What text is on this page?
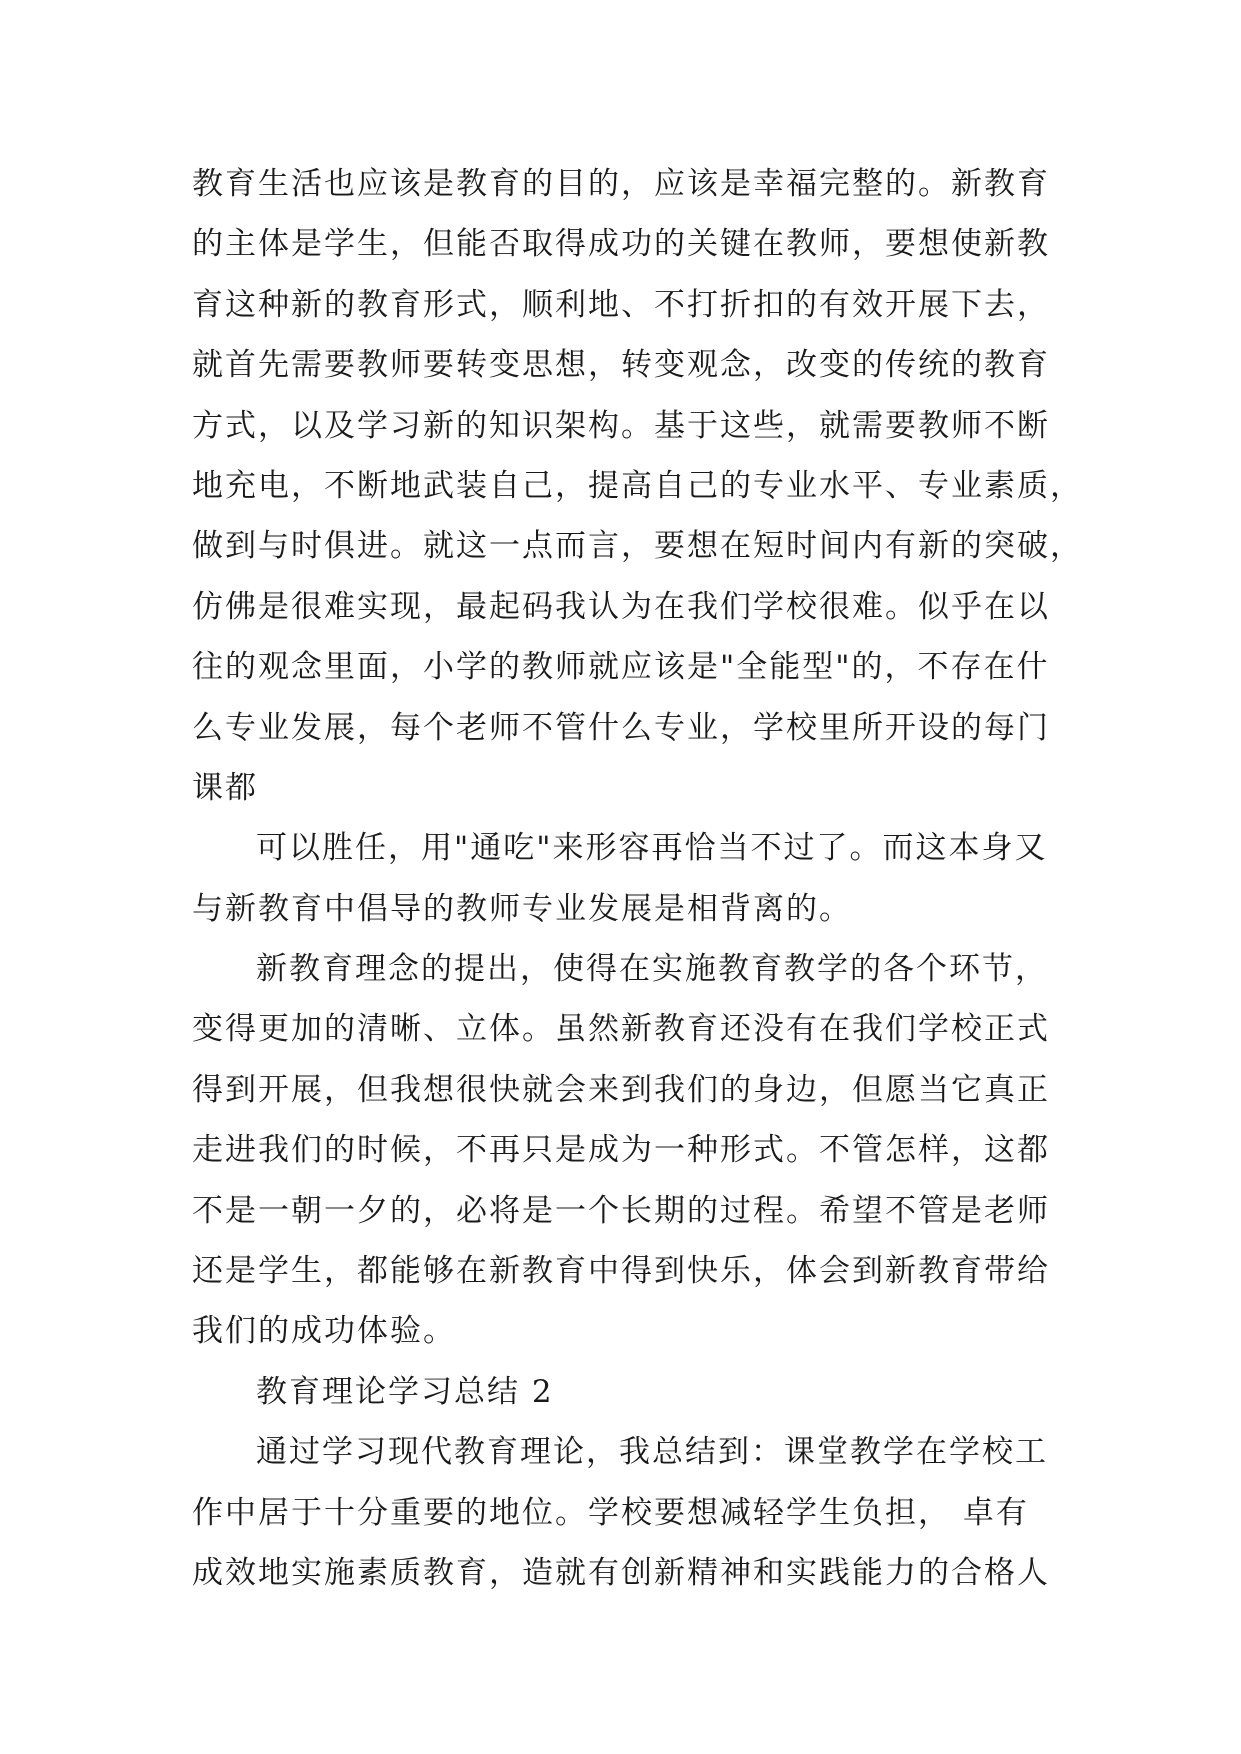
教育生活也应该是教育的目的，应该是幸福完整的。新教育
的主体是学生，但能否取得成功的关键在教师，要想使新教
育这种新的教育形式，顺利地、不打折扣的有效开展下去，
就首先需要教师要转变思想，转变观念，改变的传统的教育
方式，以及学习新的知识架构。基于这些，就需要教师不断
地充电，不断地武装自己，提高自己的专业水平、专业素质，
做到与时俱进。就这一点而言，要想在短时间内有新的突破，
仿佛是很难实现，最起码我认为在我们学校很难。似乎在以
往的观念里面，小学的教师就应该是"全能型"的，不存在什
么专业发展，每个老师不管什么专业，学校里所开设的每门
课都
可以胜任，用"通吃"来形容再恰当不过了。而这本身又
与新教育中倡导的教师专业发展是相背离的。
新教育理念的提出，使得在实施教育教学的各个环节，
变得更加的清晰、立体。虽然新教育还没有在我们学校正式
得到开展，但我想很快就会来到我们的身边，但愿当它真正
走进我们的时候，不再只是成为一种形式。不管怎样，这都
不是一朝一夕的，必将是一个长期的过程。希望不管是老师
还是学生，都能够在新教育中得到快乐，体会到新教育带给
我们的成功体验。
教育理论学习总结 2
通过学习现代教育理论，我总结到：课堂教学在学校工
作中居于十分重要的地位。学校要想减轻学生负担， 卓有
成效地实施素质教育，造就有创新精神和实践能力的合格人
